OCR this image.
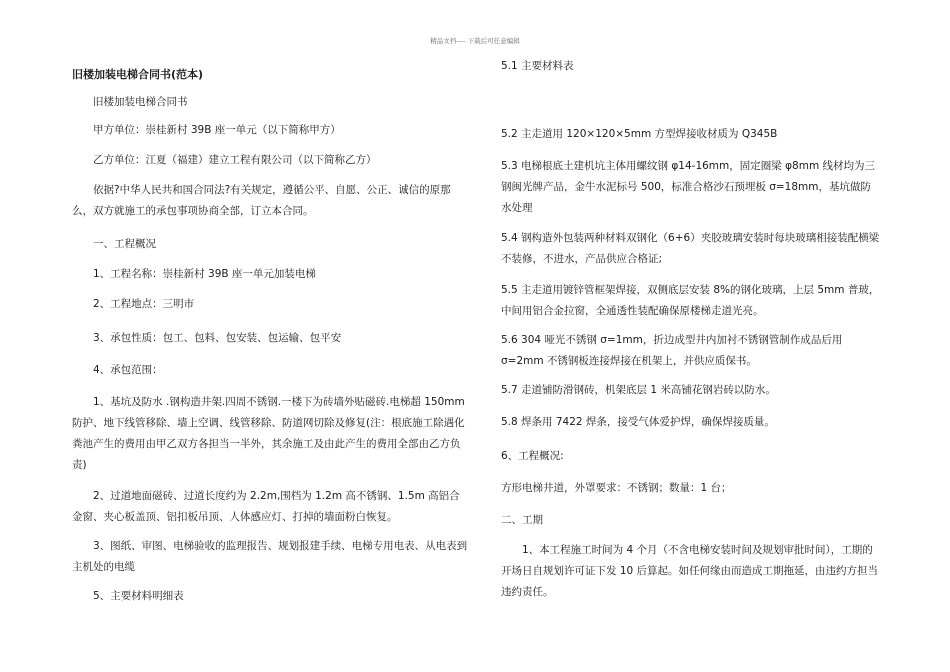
精品文档---- 下载后可任意编辑

旧楼加装电梯合同书(范本)

旧楼加装电梯合同书

甲方单位：崇桂新村 39B 座一单元（以下简称甲方）

乙方单位：江夏（福建）建立工程有限公司（以下简称乙方）

依据?中华人民共和国合同法?有关规定，遵循公平、自愿、公正、诚信的原那么，双方就施工的承包事项协商全部，订立本合同。

一、工程概况

1、工程名称：崇桂新村 39B 座一单元加装电梯

2、工程地点：三明市

3、承包性质：包工、包料、包安装、包运输、包平安

4、承包范围：

1、基坑及防水 .钢构造井架.四周不锈钢.一楼下为砖墙外贴磁砖.电梯超 150mm 防护、地下线管移除、墙上空调、线管移除、防道网切除及修复(注：根底施工除遇化粪池产生的费用由甲乙双方各担当一半外，其余施工及由此产生的费用全部由乙方负责)

2、过道地面磁砖、过道长度约为 2.2m,围档为 1.2m 高不锈钢、1.5m 高铝合金窗、夹心板盖顶、铝扣板吊顶、人体感应灯、打掉的墙面粉白恢复。

3、图纸、审图、电梯验收的监理报告、规划报建手续、电梯专用电表、从电表到主机处的电缆

5、主要材料明细表

5.1 主要材料表

5.2 主走道用 120×120×5mm 方型焊接收材质为 Q345B

5.3 电梯根底土建机坑主体用螺纹钢 φ14-16mm，固定圈梁 φ8mm 线材均为三钢闽光牌产品，金牛水泥标号 500，标准合格沙石预埋板 σ=18mm，基坑做防水处理

5.4 钢构造外包装两种材料双钢化（6+6）夹胶玻璃安装时每块玻璃相接装配横梁不装修，不进水，产品供应合格证;

5.5 主走道用镀锌管框架焊接，双侧底层安装 8%的钢化玻璃，上层 5mm 普玻，中间用铝合金拉窗，全通透性装配确保原楼梯走道光亮。

5.6 304 哑光不锈钢 σ=1mm，折边成型井内加衬不锈钢管制作成品后用 σ=2mm 不锈钢板连接焊接在机架上，并供应质保书。

5.7 走道铺防滑钢砖，机架底层 1 米高铺花钢岩砖以防水。

5.8 焊条用 7422 焊条，接受气体爱护焊，确保焊接质量。

6、工程概况:

方形电梯井道，外罩要求：不锈钢；数量：1 台；

二、工期

1、本工程施工时间为 4 个月（不含电梯安装时间及规划审批时间），工期的开场日自规划许可证下发 10 后算起。如任何缘由而造成工期拖延，由违约方担当违约责任。
